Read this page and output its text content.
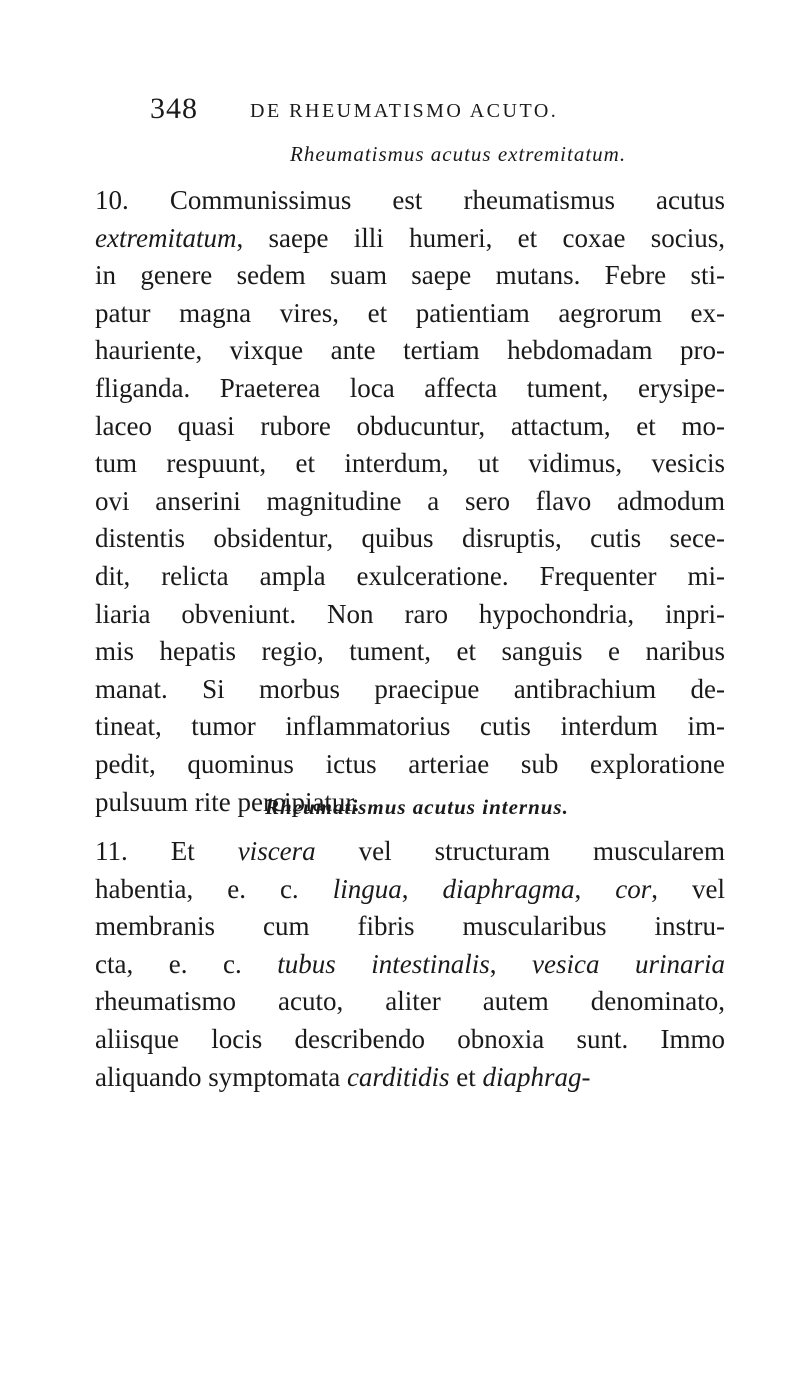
348	DE RHEUMATISMO ACUTO.
Rheumatismus acutus extremitatum.
10. Communissimus est rheumatismus acutus
extremitatum, saepe illi humeri, et coxae socius,
in genere sedem suam saepe mutans. Febre sti-
patur magna vires, et patientiam aegrorum ex-
hauriente, vixque ante tertiam hebdomadam pro-
fliganda. Praeterea loca affecta tument, erysipe-
laceo quasi rubore obducuntur, attactum, et mo-
tum respuunt, et interdum, ut vidimus, vesicis
ovi anserini magnitudine a sero flavo admodum
distentis obsidentur, quibus disruptis, cutis sece-
dit, relicta ampla exulceratione. Frequenter mi-
liaria obveniunt. Non raro hypochondria, inpri-
mis hepatis regio, tument, et sanguis e naribus
manat. Si morbus praecipue antibrachium de-
tineat, tumor inflammatorius cutis interdum im-
pedit, quominus ictus arteriae sub exploratione
pulsuum rite percipiatur.
Rheumatismus acutus internus.
11. Et viscera vel structuram muscularem
habentia, e. c. lingua, diaphragma, cor, vel
membranis cum fibris muscularibus instru-
cta, e. c. tubus intestinalis, vesica urinaria
rheumatismo acuto, aliter autem denominato,
aliisque locis describendo obnoxia sunt. Immo
aliquando symptomata carditidis et diaphrag-
